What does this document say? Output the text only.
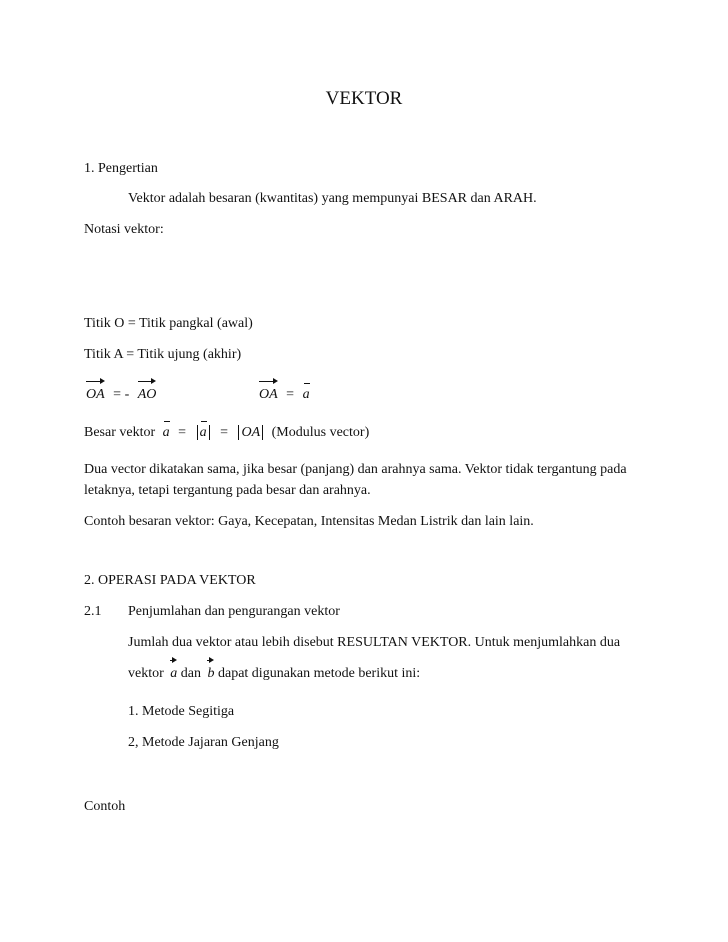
VEKTOR
1. Pengertian
Vektor adalah besaran (kwantitas) yang mempunyai BESAR dan ARAH.
Notasi vektor:
Titik O = Titik pangkal (awal)
Titik A = Titik ujung (akhir)
OA = - AO	OA = a
Besar vektor a = a = OA (Modulus vector)
Dua vector dikatakan sama, jika besar (panjang) dan arahnya sama. Vektor tidak tergantung pada
letaknya, tetapi tergantung pada besar dan arahnya.
Contoh besaran vektor: Gaya, Kecepatan, Intensitas Medan Listrik dan lain lain.
2. OPERASI PADA VEKTOR
2.1 Penjumlahan dan pengurangan vektor
Jumlah dua vektor atau lebih disebut RESULTAN VEKTOR. Untuk menjumlahkan dua
vektor a dan b dapat digunakan metode berikut ini:
1. Metode Segitiga
2, Metode Jajaran Genjang
Contoh
